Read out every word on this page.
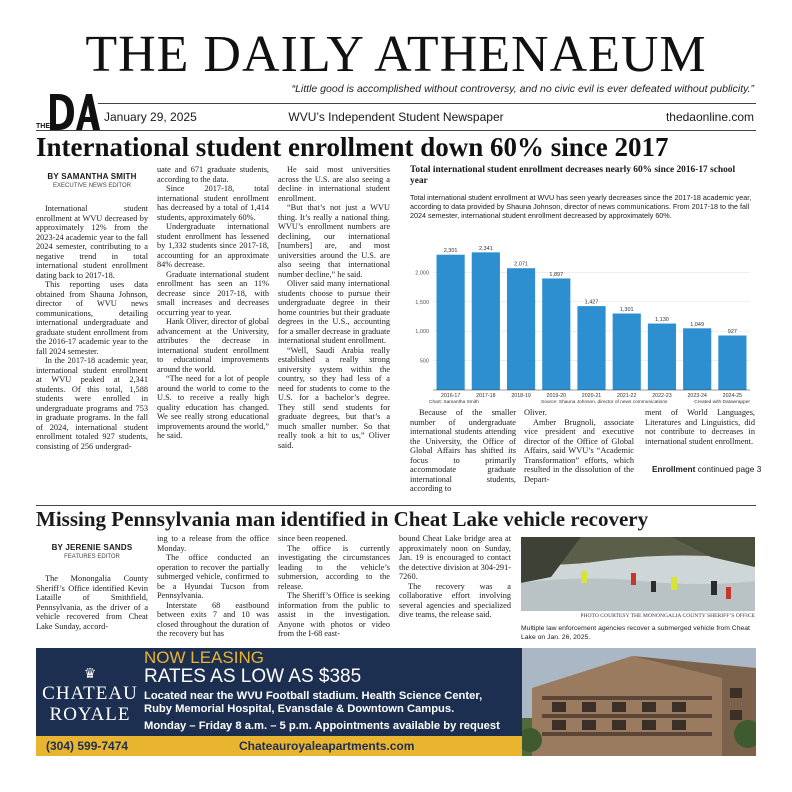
THE DAILY ATHENAEUM
“Little good is accomplished without controversy, and no civic evil is ever defeated without publicity.”
THE
January 29, 2025	WVU’s Independent Student Newspaper	thedaonline.com
International student enrollment down 60% since 2017
BY SAMANTHA SMITH
EXECUTIVE NEWS EDITOR

International student enrollment at WVU decreased by approximately 12% from the 2023-24 academic year to the fall 2024 semester, contributing to a negative trend in total international student enrollment dating back to 2017-18.

This reporting uses data obtained from Shauna Johnson, director of WVU news communications, detailing international undergraduate and graduate student enrollment from the 2016-17 academic year to the fall 2024 semester.

In the 2017-18 academic year, international student enrollment at WVU peaked at 2,341 students. Of this total, 1,588 students were enrolled in undergraduate programs and 753 in graduate programs. In the fall of 2024, international student enrollment totaled 927 students, consisting of 256 undergrad-

uate and 671 graduate students, according to the data.

Since 2017-18, total international student enrollment has decreased by a total of 1,414 students, approximately 60%.

Undergraduate international student enrollment has lessened by 1,332 students since 2017-18, accounting for an approximate 84% decrease.

Graduate international student enrollment has seen an 11% decrease since 2017-18, with small increases and decreases occurring year to year.

Hank Oliver, director of global advancement at the University, attributes the decrease in international student enrollment to educational improvements around the world.

“The need for a lot of people around the world to come to the U.S. to receive a really high quality education has changed. We see really strong educational improvements around the world,” he said.

He said most universities across the U.S. are also seeing a decline in international student enrollment.

“But that’s not just a WVU thing. It’s really a national thing. WVU’s enrollment numbers are declining, our international [numbers] are, and most universities around the U.S. are also seeing that international number decline,” he said.

Oliver said many international students choose to pursue their undergraduate degree in their home countries but their graduate degrees in the U.S., accounting for a smaller decrease in graduate international student enrollment.

“Well, Saudi Arabia really established a really strong university system within the country, so they had less of a need for students to come to the U.S. for a bachelor’s degree. They still send students for graduate degrees, but that’s a much smaller number. So that really took a hit to us,” Oliver said.

Total international student enrollment decreases nearly 60% since 2016-17 school year
Total international student enrollment at WVU has seen yearly decreases since the 2017-18 academic year, according to data provided by Shauna Johnson, director of news communications. From 2017-18 to the fall 2024 semester, international student enrollment decreased by approximately 60%.
500
1,000
1,500
2,000
2,301
2016-17
2,341
2017-18
2,071
2018-19
1,897
2019-20
1,427
2020-21
1,301
2021-22
1,130
2022-23
1,049
2023-24
927
2024-25
Chart: Samantha Smith	Source: Shauna Johnson, director of news communications	Created with Datawrapper

Because of the smaller number of undergraduate international students attending the University, the Office of Global Affairs has shifted its focus to primarily accommodate graduate international students, according to

Oliver.

Amber Brugnoli, associate vice president and executive director of the Office of Global Affairs, said WVU’s “Academic Transformation” efforts, which resulted in the dissolution of the Depart-

ment of World Languages, Literatures and Linguistics, did not contribute to decreases in international student enrollment.
Enrollment continued page 3
Missing Pennsylvania man identified in Cheat Lake vehicle recovery
BY JERENIE SANDS
FEATURES EDITOR

The Monongalia County Sheriff’s Office identified Kevin Lataille of Smithfield, Pennsylvania, as the driver of a vehicle recovered from Cheat Lake Sunday, accord-

ing to a release from the office Monday.

The office conducted an operation to recover the partially submerged vehicle, confirmed to be a Hyundai Tucson from Pennsylvania.

Interstate 68 eastbound between exits 7 and 10 was closed throughout the duration of the recovery but has

since been reopened.

The office is currently investigating the circumstances leading to the vehicle’s submersion, according to the release.

The Sheriff’s Office is seeking information from the public to assist in the investigation. Anyone with photos or video from the I-68 east-

bound Cheat Lake bridge area at approximately noon on Sunday, Jan. 19 is encouraged to contact the detective division at 304-291-7260.

The recovery was a collaborative effort involving several agencies and specialized dive teams, the release said.	PHOTO COURTESY THE MONONGALIA COUNTY SHERIFF’S OFFICE
Multiple law enforcement agencies recover a submerged vehicle from Cheat Lake on Jan. 26, 2025.
♛
CHATEAU
ROYALE
NOW LEASING
RATES AS LOW AS $385
Located near the WVU Football stadium. Health Science Center,
Ruby Memorial Hospital, Evansdale & Downtown Campus.
Monday – Friday 8 a.m. – 5 p.m. Appointments available by request
(304) 599-7474	Chateauroyaleapartments.com
